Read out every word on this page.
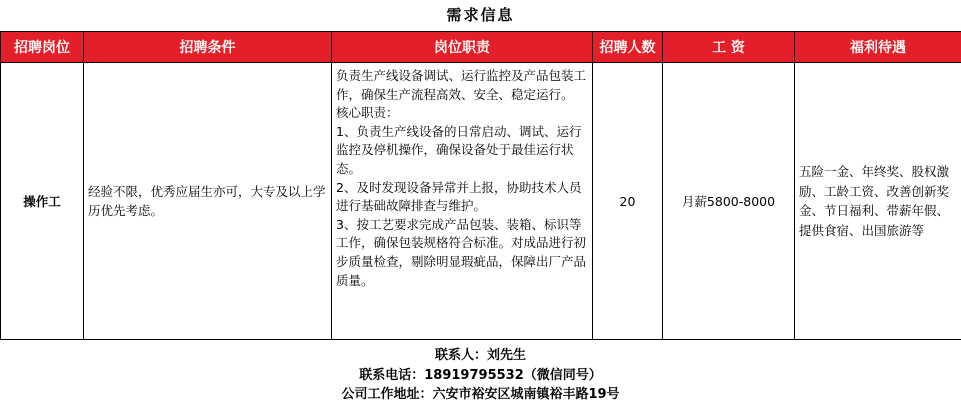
需求信息
招聘岗位	招聘条件	岗位职责	招聘人数	工 资	福利待遇
操作工	经验不限，优秀应届生亦可，大专及以上学历优先考虑。	负责生产线设备调试、运行监控及产品包装工作，确保生产流程高效、安全、稳定运行。
核心职责：
1、负责生产线设备的日常启动、调试、运行监控及停机操作，确保设备处于最佳运行状态。
2、及时发现设备异常并上报，协助技术人员进行基础故障排查与维护。
3、按工艺要求完成产品包装、装箱、标识等工作，确保包装规格符合标准。对成品进行初步质量检查，剔除明显瑕疵品，保障出厂产品质量。	20	月薪5800-8000	五险一金、年终奖、股权激励、工龄工资、改善创新奖金、节日福利、带薪年假、提供食宿、出国旅游等
联系人：刘先生
联系电话：18919795532（微信同号）
公司工作地址：六安市裕安区城南镇裕丰路19号
